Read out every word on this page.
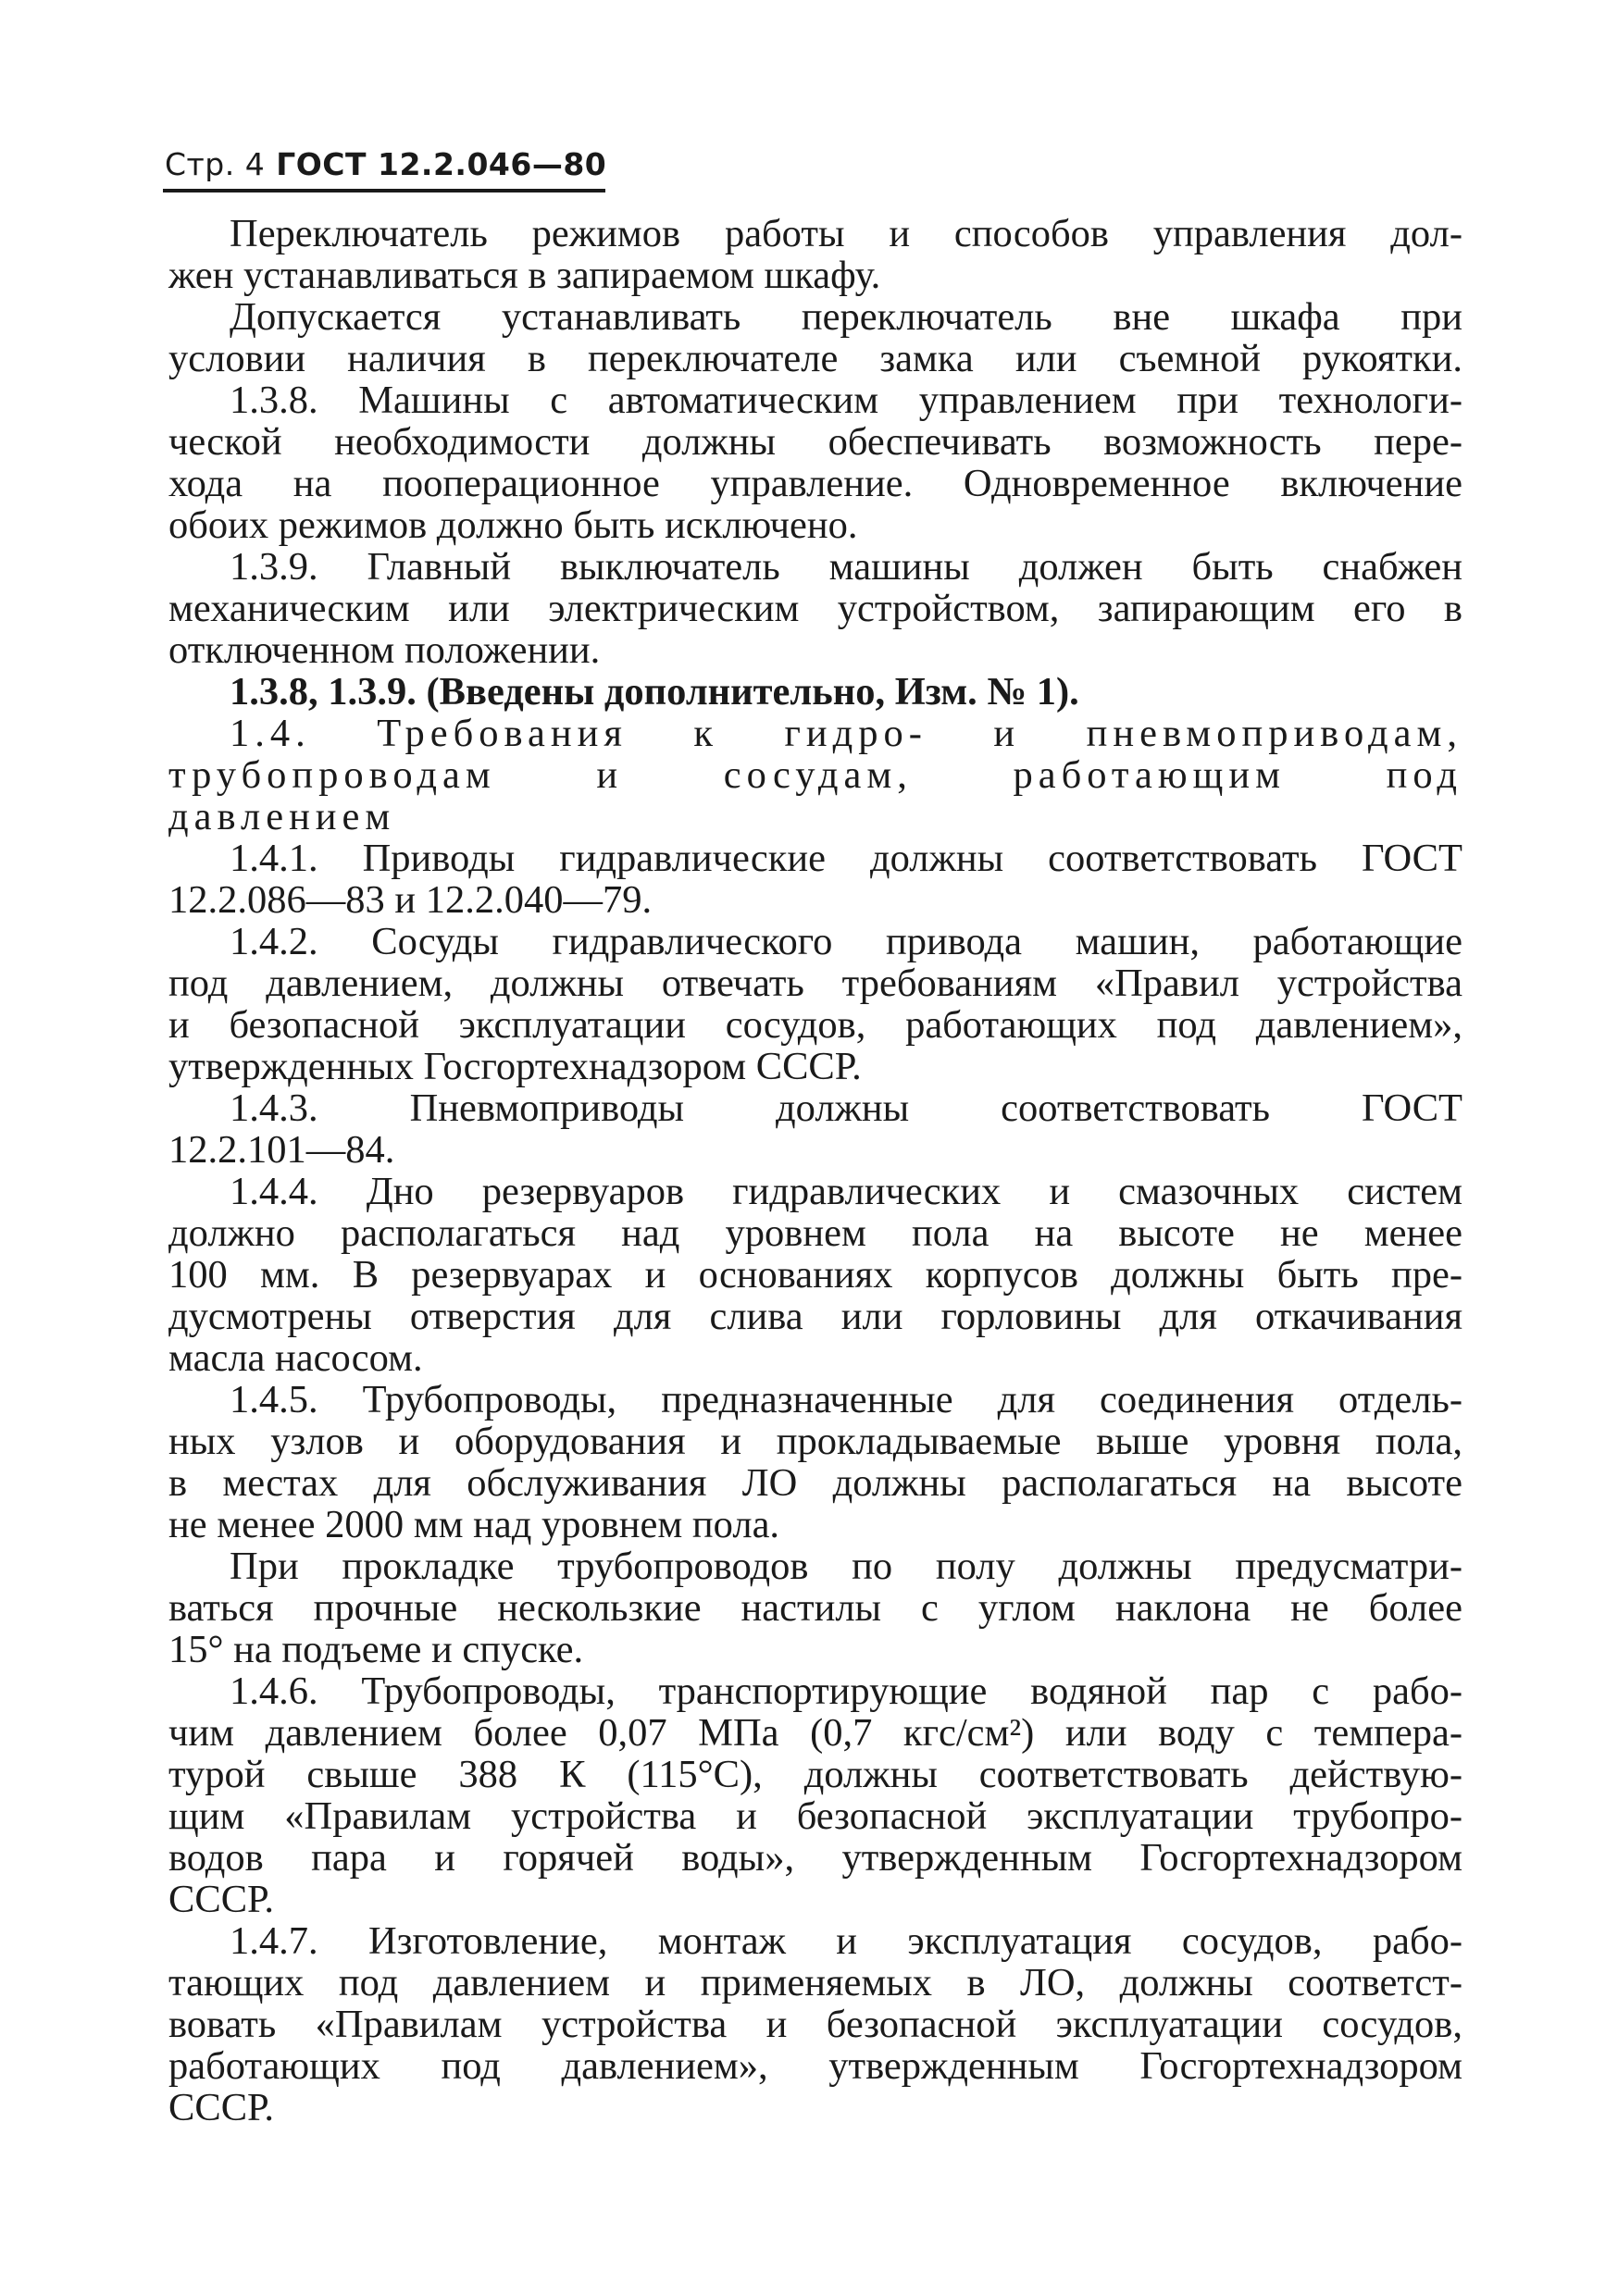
Стр. 4 ГОСТ 12.2.046—80

Переключатель режимов работы и способов управления дол-
жен устанавливаться в запираемом шкафу.

Допускается устанавливать переключатель вне шкафа при
условии наличия в переключателе замка или съемной рукоятки.

1.3.8. Машины с автоматическим управлением при технологи-
ческой необходимости должны обеспечивать возможность пере-
хода на пооперационное управление. Одновременное включение
обоих режимов должно быть исключено.

1.3.9. Главный выключатель машины должен быть снабжен
механическим или электрическим устройством, запирающим его в
отключенном положении.

1.3.8, 1.3.9. (Введены дополнительно, Изм. № 1).

1.4. Требования к гидро- и пневмоприводам,
трубопроводам и сосудам, работающим под
давлением

1.4.1. Приводы гидравлические должны соответствовать ГОСТ
12.2.086—83 и 12.2.040—79.

1.4.2. Сосуды гидравлического привода машин, работающие
под давлением, должны отвечать требованиям «Правил устройства
и безопасной эксплуатации сосудов, работающих под давлением»,
утвержденных Госгортехнадзором СССР.

1.4.3. Пневмоприводы должны соответствовать ГОСТ
12.2.101—84.

1.4.4. Дно резервуаров гидравлических и смазочных систем
должно располагаться над уровнем пола на высоте не менее
100 мм. В резервуарах и основаниях корпусов должны быть пре-
дусмотрены отверстия для слива или горловины для откачивания
масла насосом.

1.4.5. Трубопроводы, предназначенные для соединения отдель-
ных узлов и оборудования и прокладываемые выше уровня пола,
в местах для обслуживания ЛО должны располагаться на высоте
не менее 2000 мм над уровнем пола.

При прокладке трубопроводов по полу должны предусматри-
ваться прочные нескользкие настилы с углом наклона не более
15° на подъеме и спуске.

1.4.6. Трубопроводы, транспортирующие водяной пар с рабо-
чим давлением более 0,07 МПа (0,7 кгс/см²) или воду с темпера-
турой свыше 388 К (115°С), должны соответствовать действую-
щим «Правилам устройства и безопасной эксплуатации трубопро-
водов пара и горячей воды», утвержденным Госгортехнадзором
СССР.

1.4.7. Изготовление, монтаж и эксплуатация сосудов, рабо-
тающих под давлением и применяемых в ЛО, должны соответст-
вовать «Правилам устройства и безопасной эксплуатации сосудов,
работающих под давлением», утвержденным Госгортехнадзором
СССР.
